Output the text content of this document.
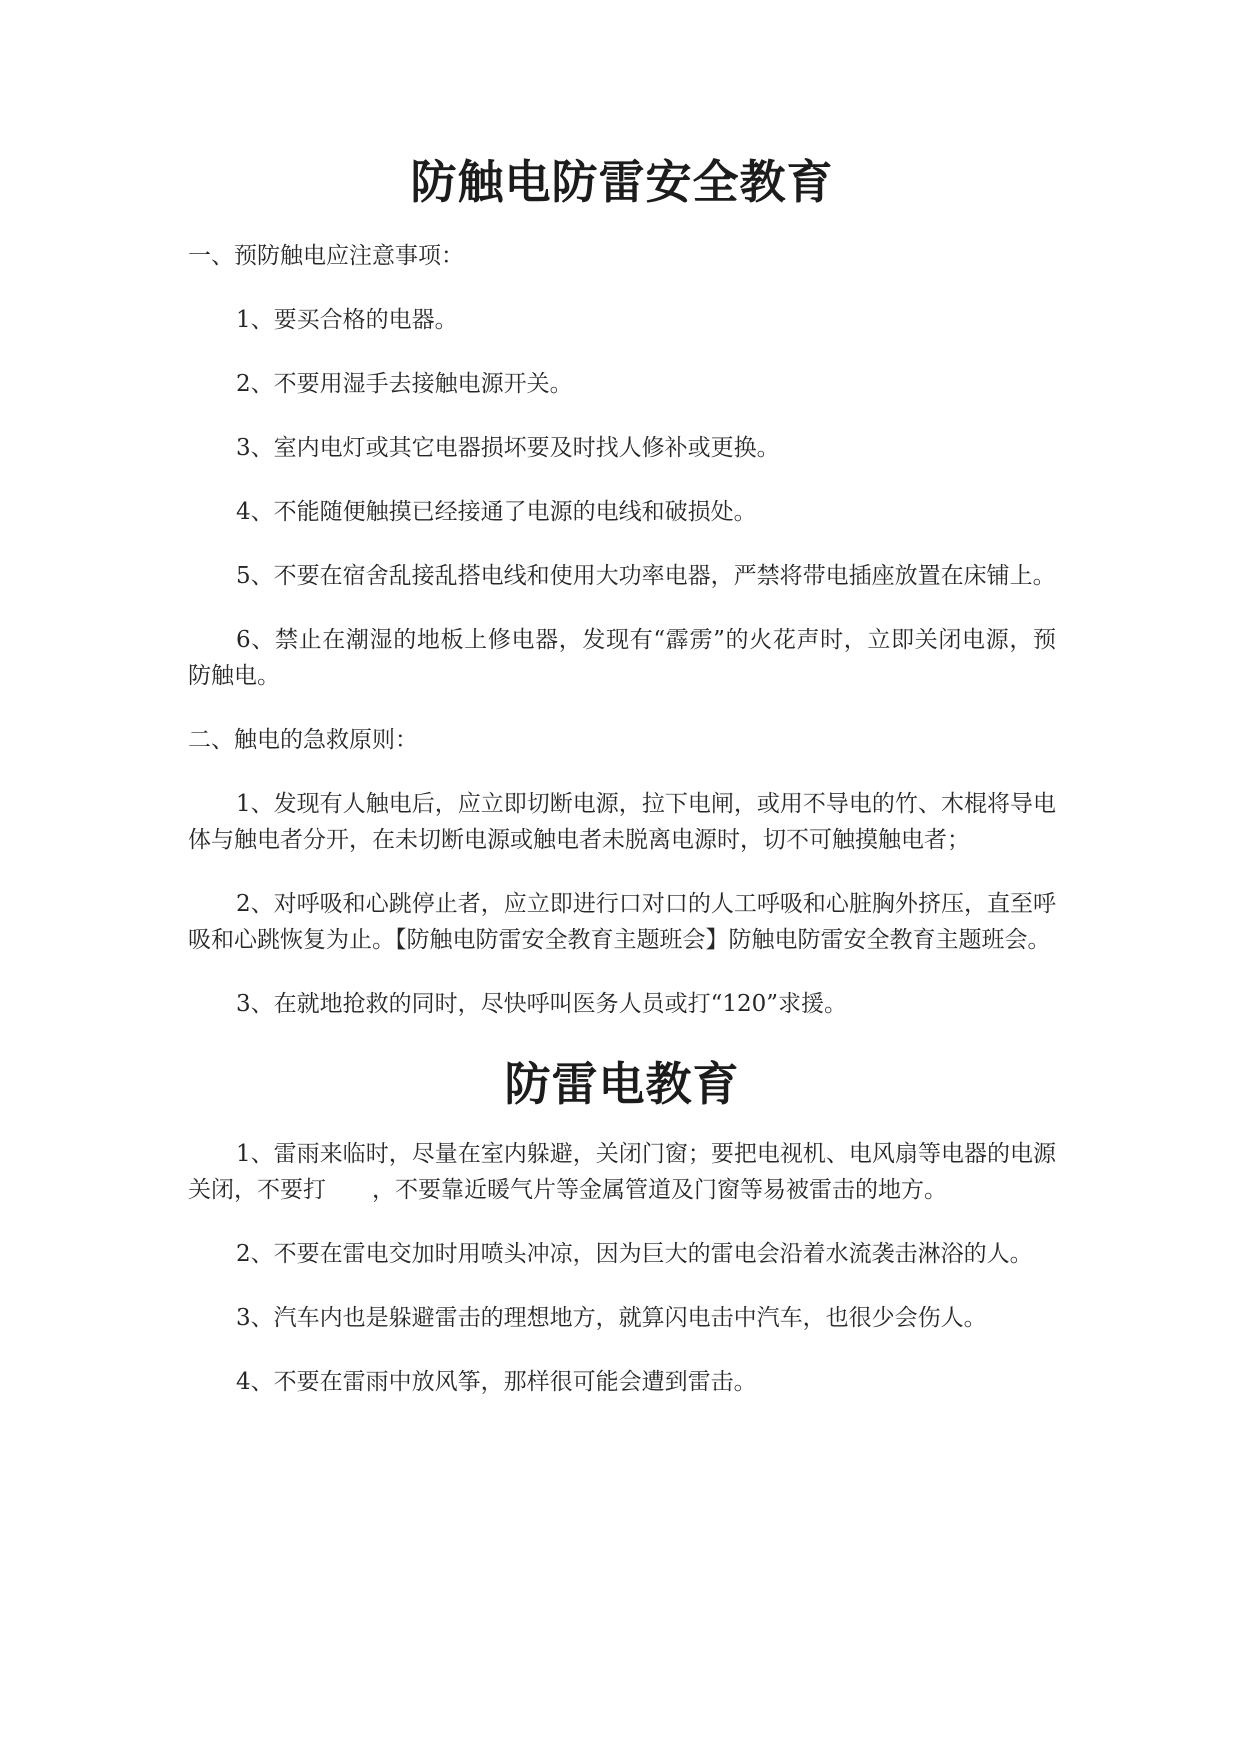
防触电防雷安全教育

一、预防触电应注意事项：

1、要买合格的电器。

2、不要用湿手去接触电源开关。

3、室内电灯或其它电器损坏要及时找人修补或更换。

4、不能随便触摸已经接通了电源的电线和破损处。

5、不要在宿舍乱接乱搭电线和使用大功率电器，严禁将带电插座放置在床铺上。

6、禁止在潮湿的地板上修电器，发现有“霹雳”的火花声时，立即关闭电源，预防触电。

二、触电的急救原则：

1、发现有人触电后，应立即切断电源，拉下电闸，或用不导电的竹、木棍将导电体与触电者分开，在未切断电源或触电者未脱离电源时，切不可触摸触电者；

2、对呼吸和心跳停止者，应立即进行口对口的人工呼吸和心脏胸外挤压，直至呼吸和心跳恢复为止。【防触电防雷安全教育主题班会】防触电防雷安全教育主题班会。

3、在就地抢救的同时，尽快呼叫医务人员或打“120”求援。

防雷电教育

1、雷雨来临时，尽量在室内躲避，关闭门窗；要把电视机、电风扇等电器的电源关闭，不要打　　，不要靠近暖气片等金属管道及门窗等易被雷击的地方。

2、不要在雷电交加时用喷头冲凉，因为巨大的雷电会沿着水流袭击淋浴的人。

3、汽车内也是躲避雷击的理想地方，就算闪电击中汽车，也很少会伤人。

4、不要在雷雨中放风筝，那样很可能会遭到雷击。
